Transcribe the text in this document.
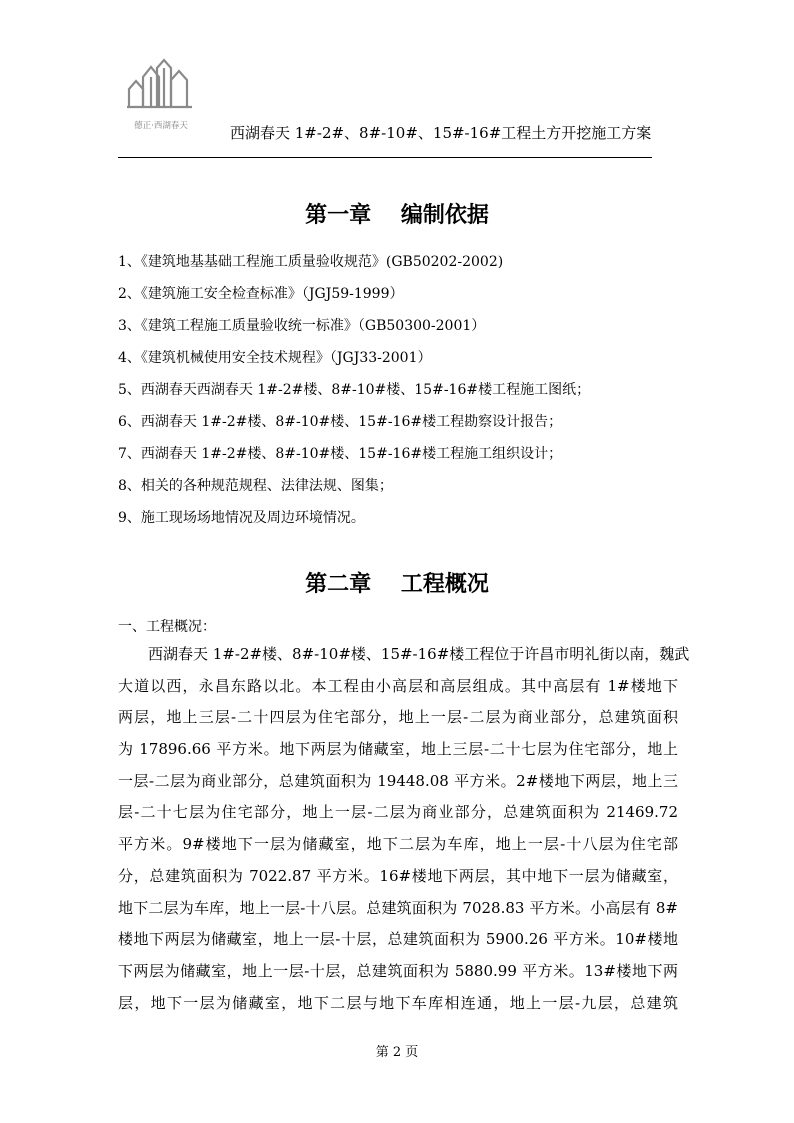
德正·西湖春天	西湖春天 1#-2#、8#-10#、15#-16#工程土方开挖施工方案
第一章　 编制依据
1、《建筑地基基础工程施工质量验收规范》(GB50202-2002)
2、《建筑施工安全检查标准》（JGJ59-1999）
3、《建筑工程施工质量验收统一标准》（GB50300-2001）
4、《建筑机械使用安全技术规程》（JGJ33-2001）
5、西湖春天西湖春天 1#-2#楼、8#-10#楼、15#-16#楼工程施工图纸；
6、西湖春天 1#-2#楼、8#-10#楼、15#-16#楼工程勘察设计报告；
7、西湖春天 1#-2#楼、8#-10#楼、15#-16#楼工程施工组织设计；
8、相关的各种规范规程、法律法规、图集；
9、施工现场场地情况及周边环境情况。
第二章　 工程概况
一、工程概况：
西湖春天 1#-2#楼、8#-10#楼、15#-16#楼工程位于许昌市明礼街以南，魏武
大道以西，永昌东路以北。本工程由小高层和高层组成。其中高层有 1#楼地下
两层，地上三层-二十四层为住宅部分，地上一层-二层为商业部分，总建筑面积
为 17896.66 平方米。地下两层为储藏室，地上三层-二十七层为住宅部分，地上
一层-二层为商业部分，总建筑面积为 19448.08 平方米。2#楼地下两层，地上三
层-二十七层为住宅部分，地上一层-二层为商业部分，总建筑面积为 21469.72
平方米。9#楼地下一层为储藏室，地下二层为车库，地上一层-十八层为住宅部
分，总建筑面积为 7022.87 平方米。16#楼地下两层，其中地下一层为储藏室，
地下二层为车库，地上一层-十八层。总建筑面积为 7028.83 平方米。小高层有 8#
楼地下两层为储藏室，地上一层-十层，总建筑面积为 5900.26 平方米。10#楼地
下两层为储藏室，地上一层-十层，总建筑面积为 5880.99 平方米。13#楼地下两
层，地下一层为储藏室，地下二层与地下车库相连通，地上一层-九层，总建筑
第 2 页
